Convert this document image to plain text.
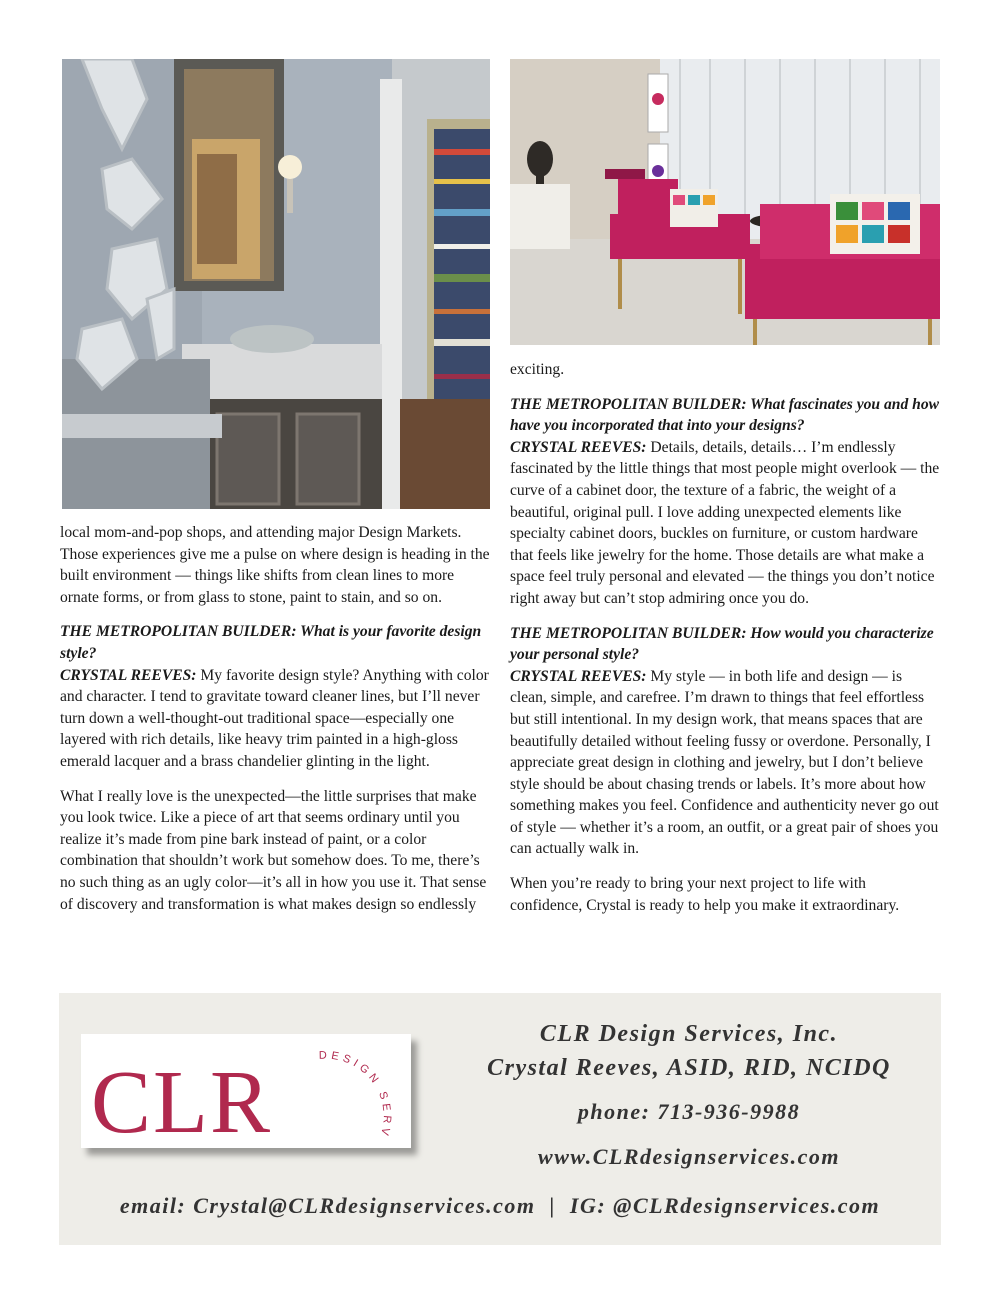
local mom-and-pop shops, and attending major Design Markets. Those experiences give me a pulse on where design is heading in the built environment — things like shifts from clean lines to more ornate forms, or from glass to stone, paint to stain, and so on.

THE METROPOLITAN BUILDER: What is your favorite design style?
CRYSTAL REEVES: My favorite design style? Anything with color and character. I tend to gravitate toward cleaner lines, but I’ll never turn down a well-thought-out traditional space—especially one layered with rich details, like heavy trim painted in a high-gloss emerald lacquer and a brass chandelier glinting in the light.

What I really love is the unexpected—the little surprises that make you look twice. Like a piece of art that seems ordinary until you realize it’s made from pine bark instead of paint, or a color combination that shouldn’t work but somehow does. To me, there’s no such thing as an ugly color—it’s all in how you use it. That sense of discovery and transformation is what makes design so endlessly

exciting.

THE METROPOLITAN BUILDER: What fascinates you and how have you incorporated that into your designs?
CRYSTAL REEVES: Details, details, details… I’m endlessly fascinated by the little things that most people might overlook — the curve of a cabinet door, the texture of a fabric, the weight of a beautiful, original pull. I love adding unexpected elements like specialty cabinet doors, buckles on furniture, or custom hardware that feels like jewelry for the home. Those details are what make a space feel truly personal and elevated — the things you don’t notice right away but can’t stop admiring once you do.

THE METROPOLITAN BUILDER: How would you characterize your personal style?
CRYSTAL REEVES: My style — in both life and design — is clean, simple, and carefree. I’m drawn to things that feel effortless but still intentional. In my design work, that means spaces that are beautifully detailed without feeling fussy or overdone. Personally, I appreciate great design in clothing and jewelry, but I don’t believe style should be about chasing trends or labels. It’s more about how something makes you feel. Confidence and authenticity never go out of style — whether it’s a room, an outfit, or a great pair of shoes you can actually walk in.

When you’re ready to bring your next project to life with confidence, Crystal is ready to help you make it extraordinary.

CLR	DESIGN SERV
CLR Design Services, Inc.
Crystal Reeves, ASID, RID, NCIDQ
phone: 713-936-9988
www.CLRdesignservices.com
email: Crystal@CLRdesignservices.com  |  IG: @CLRdesignservices.com
